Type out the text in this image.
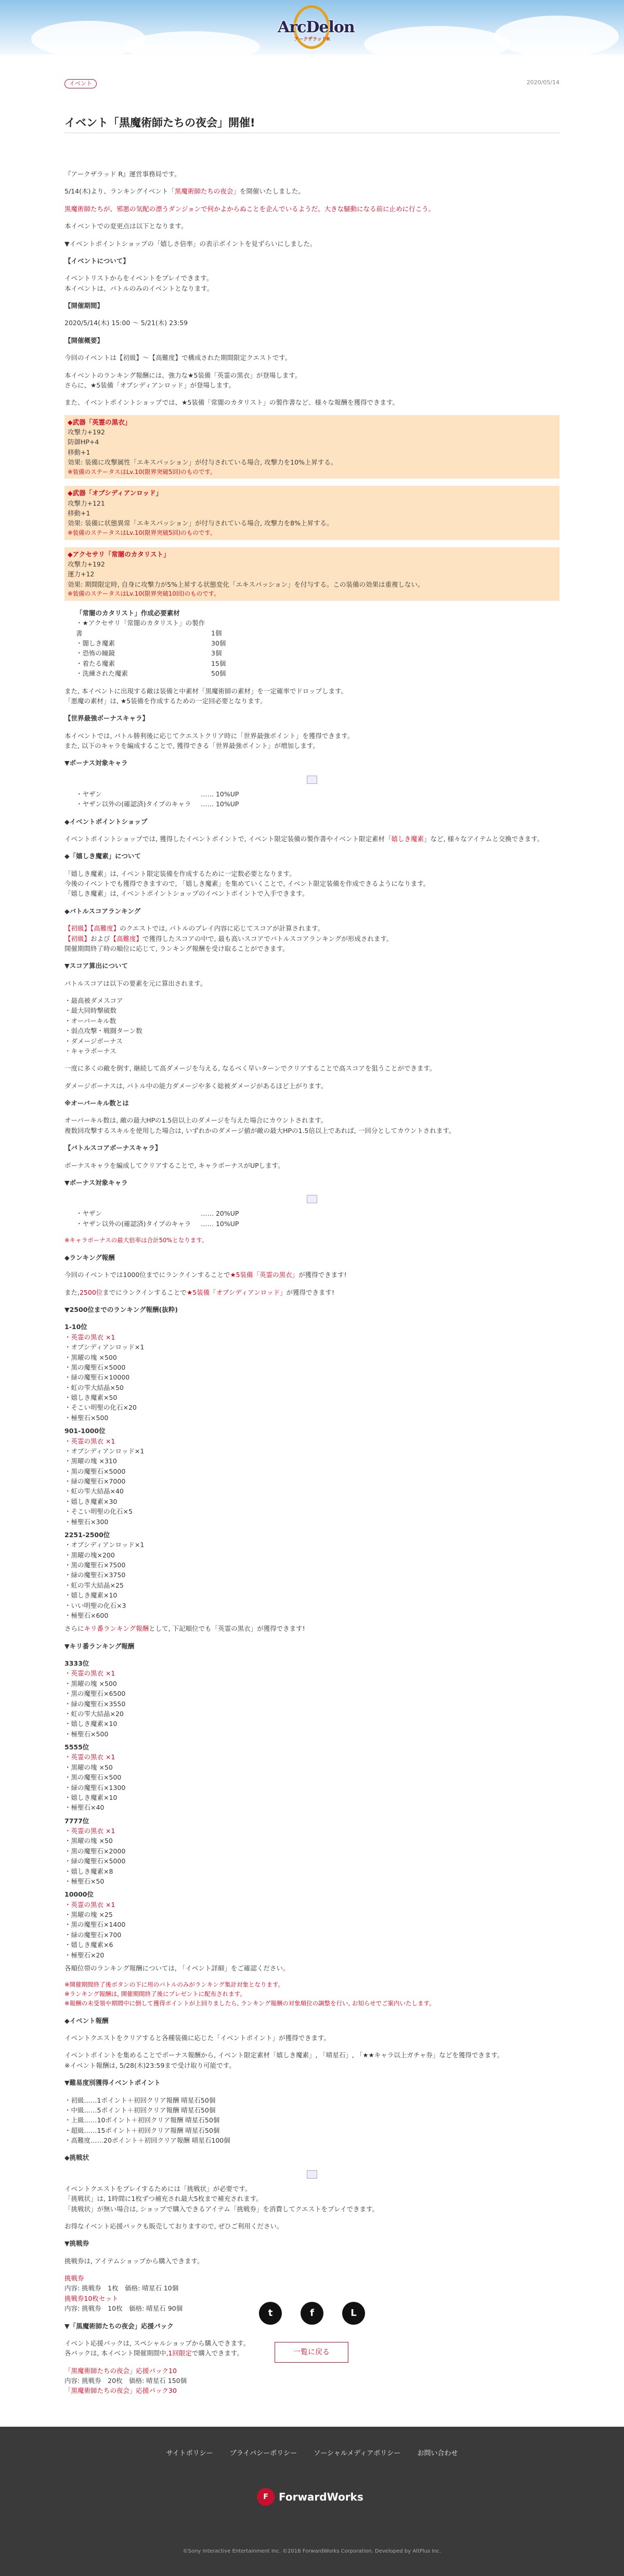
ArcDelon
アークザラッドR
イベント	2020/05/14
イベント「黒魔術師たちの夜会」開催!

『アークザラッド R』運営事務局です。

5/14(木)より、ランキングイベント「黒魔術師たちの夜会」を開催いたしました。

黒魔術師たちが、邪悪の気配の漂うダンジョンで何かよからぬことを企んでいるようだ。大きな騒動になる前に止めに行こう。

本イベントでの変更点は以下となります。

▼イベントポイントショップの「嬉しさ倍率」の表示ポイントを見ずらいにしました。

【イベントについて】

イベントリストからをイベントをプレイできます。

本イベントは、バトルのみのイベントとなります。

【開催期間】

2020/5/14(木) 15:00 ～ 5/21(木) 23:59

【開催概要】

今回のイベントは【初級】～【高難度】で構成された期間限定クエストです。

本イベントのランキング報酬には、強力な★5装備「英霊の黒衣」が登場します。

さらに、★5装備「オブシディアンロッド」が登場します。

また、イベントポイントショップでは、★5装備「常闇のカタリスト」の製作書など、様々な報酬を獲得できます。

◆武器「英霊の黒衣」
攻撃力+192
防御HP+4
移動+1
効果: 装備に攻撃属性「エキスパッション」が付与されている場合, 攻撃力を10%上昇する。
※装備のステータスはLv.10(限界突破5回)のものです。
◆武器「オブシディアンロッド」
攻撃力+121
移動+1
効果: 装備に状態異常「エキスパッション」が付与されている場合, 攻撃力を8%上昇する。
※装備のステータスはLv.10(限界突破5回)のものです。
◆アクセサリ「常闇のカタリスト」
攻撃力+192
運力+12
効果: 期間限定時, 自身に攻撃力が5%上昇する状態変化「エキスパッション」を付与する。この装備の効果は重複しない。
※装備のステータスはLv.10(限界突破10回)のものです。
「常闇のカタリスト」作成必要素材
・★アクセサリ「常闇のカタリスト」の製作書	1個
・闇しき魔素	30個
・恐怖の瞳鏡	3個
・着たる魔素	15個
・洗練された魔素	50個
また, 本イベントに出現する敵は装備と中素材「黒魔術師の素材」を一定確率でドロップします。

「悪魔の素材」は, ★5装備を作成するための一定回必要となります。

【世界最強ボーナスキャラ】

本イベントでは, バトル勝利後に応じてクエストクリア時に「世界最強ポイント」を獲得できます。

また, 以下のキャラを編成することで, 獲得できる「世界最強ポイント」が増加します。

▼ボーナス対象キャラ

・ヤザン	…… 10%UP
・ヤザン以外の(確認済)タイプのキャラ …… 10%UP

◆イベントポイントショップ

イベントポイントショップでは, 獲得したイベントポイントで, イベント限定装備の製作書やイベント限定素材「嬉しき魔素」など, 様々なアイテムと交換できます。

◆「嬉しき魔素」について

「嬉しき魔素」は, イベント限定装備を作成するために一定数必要となります。
今後のイベントでも獲得できますので, 「嬉しき魔素」を集めていくことで, イベント限定装備を作成できるようになります。

「嬉しき魔素」は, イベントポイントショップのイベントポイントで入手できます。

◆バトルスコアランキング

【初級】【高難度】のクエストでは, バトルのプレイ内容に応じてスコアが計算されます。
【初級】および【高難度】で獲得したスコアの中で, 最も高いスコアでバトルスコアランキングが形成されます。

開催期間終了時の順位に応じて, ランキング報酬を受け取ることができます。

▼スコア算出について

バトルスコアは以下の要素を元に算出されます。

・最高被ダメスコア
・最大同時撃破数
・オーバーキル数
・弱点攻撃・戦闘ターン数
・ダメージボーナス
・キャラポーナス

一度に多くの敵を倒す, 継続して高ダメージを与える, なるべく早いターンでクリアすることで高スコアを狙うことができます。

ダメージボーナスは, バトル中の能力ダメージや多く総被ダメージがあるほど上がります。

※オーバーキル数とは

オーバーキル数は, 敵の最大HPの1.5倍以上のダメージを与えた場合にカウントされます。

複数回攻撃するスキルを使用した場合は, いずれかのダメージ値が敵の最大HPの1.5倍以上であれば, 一回分としてカウントされます。

【バトルスコアボーナスキャラ】

ボーナスキャラを編成してクリアすることで, キャラボーナスがUPします。

▼ボーナス対象キャラ

・ヤザン	…… 20%UP
・ヤザン以外の(確認済)タイプのキャラ …… 10%UP

※キャラボーナスの最大倍率は合計50%となります。

◆ランキング報酬

今回のイベントでは1000位までにランクインすることで★5装備「英霊の黒衣」が獲得できます!

また,2500位までにランクインすることで★5装備「オブシディアンロッド」が獲得できます!

▼2500位までのランキング報酬(抜粋)

1-10位
・英霊の黒衣 ×1
・オブシディアンロッド×1
・黒曜の塊 ×500
・黒の魔聖石×5000
・緑の魔聖石×10000
・虹の雫大結晶×50
・嬉しき魔素×50
・そこい明聖の化石×20
・極聖石×500
901-1000位
・英霊の黒衣 ×1
・オブシディアンロッド×1
・黒曜の塊 ×310
・黒の魔聖石×5000
・緑の魔聖石×7000
・虹の雫大結晶×40
・嬉しき魔素×30
・そこい明聖の化石×5
・極聖石×300
2251-2500位
・オブシディアンロッド×1
・黒曜の塊×200
・黒の魔聖石×7500
・緑の魔聖石×3750
・虹の雫大結晶×25
・嬉しき魔素×10
・いい明聖の化石×3
・極聖石×600

さらにキリ番ランキング報酬として, 下記順位でも「英霊の黒衣」が獲得できます!

▼キリ番ランキング報酬

3333位
・英霊の黒衣 ×1
・黒曜の塊 ×500
・黒の魔聖石×6500
・緑の魔聖石×3550
・虹の雫大結晶×20
・嬉しき魔素×10
・極聖石×500
5555位
・英霊の黒衣 ×1
・黒曜の塊 ×50
・黒の魔聖石×500
・緑の魔聖石×1300
・嬉しき魔素×10
・極聖石×40
7777位
・英霊の黒衣 ×1
・黒曜の塊 ×50
・黒の魔聖石×2000
・緑の魔聖石×5000
・嬉しき魔素×8
・極聖石×50
10000位
・英霊の黒衣 ×1
・黒曜の塊 ×25
・黒の魔聖石×1400
・緑の魔聖石×700
・嬉しき魔素×6
・極聖石×20

各順位帯のランキング報酬については, 「イベント詳細」をご確認ください。

※開催期間終了後ボタンの下に用のバトルのみがランキング集計対象となります。
※ランキング報酬は, 開催期間終了後にプレゼントに配布されます。
※報酬の未受領や期間中に倒して獲得ポイントが上回りましたら, ランキング報酬の対象順位の調整を行い, お知らせでご案内いたします。

◆イベント報酬

イベントクエストをクリアすると各種装備に応じた「イベントポイント」が獲得できます。

イベントポイントを集めることでボーナス報酬から, イベント限定素材「嬉しき魔素」, 「晴星石」, 「★★キャラ以上ガチャ券」などを獲得できます。

※イベント報酬は, 5/28(木)23:59まで受け取り可能です。

▼難易度別獲得イベントポイント

・初級……1ポイント＋初回クリア報酬 晴星石50個
・中級……5ポイント＋初回クリア報酬 晴星石50個
・上級……10ポイント＋初回クリア報酬 晴星石50個
・超級……15ポイント＋初回クリア報酬 晴星石50個
・高難度……20ポイント＋初回クリア報酬 晴星石100個

◆挑戦状

イベントクエストをプレイするためには「挑戦状」が必要です。
「挑戦状」は, 1時間に1枚ずつ補充され最大5枚まで補充されます。

「挑戦状」が無い場合は, ショップで購入できるアイテム「挑戦券」を消費してクエストをプレイできます。

お得なイベント応援パックも販売しておりますので, ぜひご利用ください。

▼挑戦券

挑戦券は, アイテムショップから購入できます。

挑戦券
内容: 挑戦券　1枚　価格: 晴星石 10個
挑戦券10枚セット

内容: 挑戦券　10枚　価格: 晴星石 90個

▼「黒魔術師たちの夜会」応援パック

イベント応援パックは, スペシャルショップから購入できます。

各パックは, 本イベント開催期間中,1回限定で購入できます。

「黒魔術師たちの夜会」応援パック10
内容: 挑戦券　20枚　価格: 晴星石 150個
「黒魔術師たちの夜会」応援パック30

t	f	L
一覧に戻る
サイトポリシー プライバシーポリシー ソーシャルメディアポリシー お問い合わせ
F	ForwardWorks
©Sony Interactive Entertainment Inc. ©2018 ForwardWorks Corporation. Developed by AltPlus Inc.
